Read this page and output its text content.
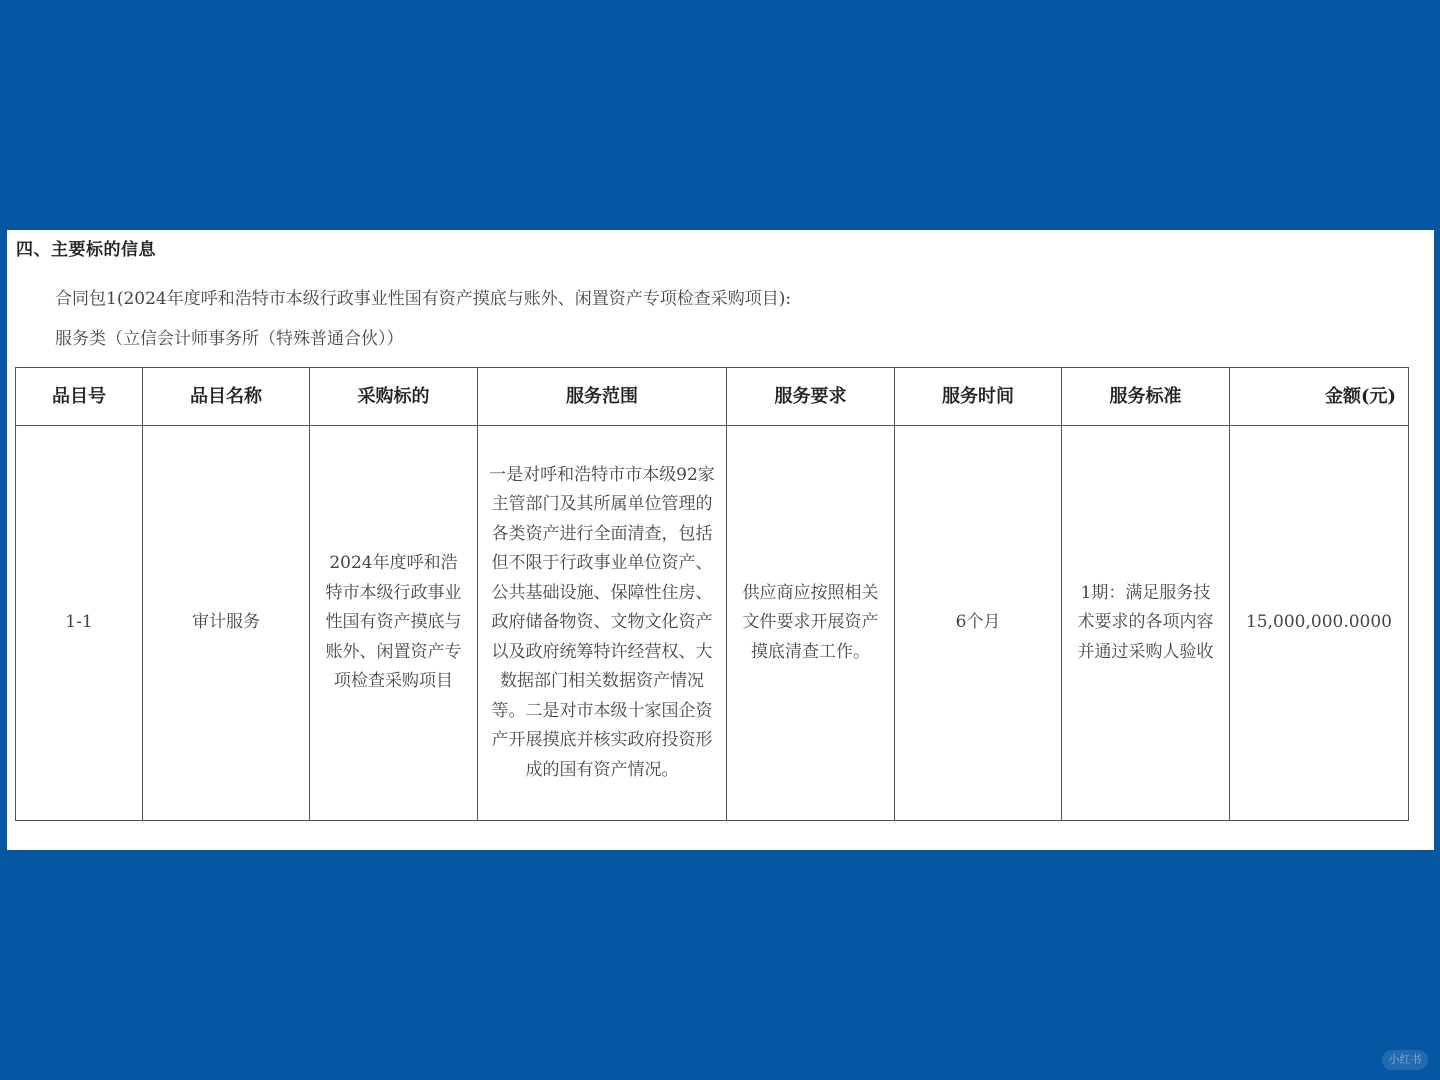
四、主要标的信息
合同包1(2024年度呼和浩特市本级行政事业性国有资产摸底与账外、闲置资产专项检查采购项目):
服务类（立信会计师事务所（特殊普通合伙））
品目号	品目名称	采购标的	服务范围	服务要求	服务时间	服务标准	金额(元)
1-1	审计服务	2024年度呼和浩特市本级行政事业性国有资产摸底与账外、闲置资产专项检查采购项目	一是对呼和浩特市市本级92家主管部门及其所属单位管理的各类资产进行全面清查，包括但不限于行政事业单位资产、公共基础设施、保障性住房、政府储备物资、文物文化资产以及政府统筹特许经营权、大数据部门相关数据资产情况等。二是对市本级十家国企资产开展摸底并核实政府投资形成的国有资产情况。	供应商应按照相关文件要求开展资产摸底清查工作。	6个月	1期：满足服务技术要求的各项内容并通过采购人验收	15,000,000.0000
小红书
